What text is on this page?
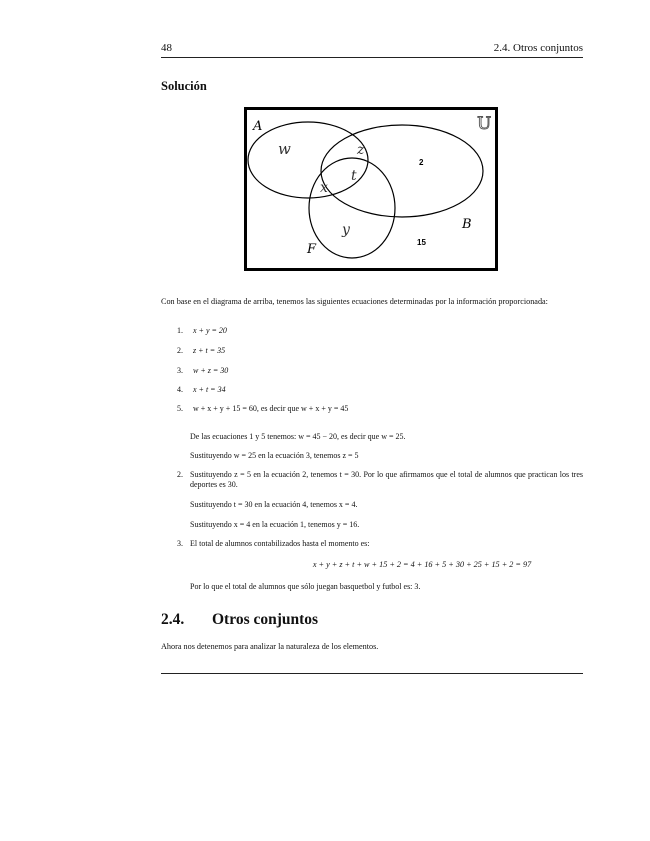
48	2.4. Otros conjuntos
Solución
A
B
F
U
w	z
t
x
y
2
15
Con base en el diagrama de arriba, tenemos las siguientes ecuaciones determinadas por la información proporcionada:
1. x + y = 20
2. z + t = 35
3. w + z = 30
4. x + t = 34
5. w + x + y + 15 = 60, es decir que w + x + y = 45
De las ecuaciones 1 y 5 tenemos: w = 45 − 20, es decir que w = 25.
Sustituyendo w = 25 en la ecuación 3, tenemos z = 5
2. Sustituyendo z = 5 en la ecuación 2, tenemos t = 30. Por lo que afirmamos que el total de alumnos que practican los tres deportes es 30.
Sustituyendo t = 30 en la ecuación 4, tenemos x = 4.
Sustituyendo x = 4 en la ecuación 1, tenemos y = 16.
3. El total de alumnos contabilizados hasta el momento es:
x + y + z + t + w + 15 + 2 = 4 + 16 + 5 + 30 + 25 + 15 + 2 = 97
Por lo que el total de alumnos que sólo juegan basquetbol y futbol es: 3.
2.4. Otros conjuntos
Ahora nos detenemos para analizar la naturaleza de los elementos.
